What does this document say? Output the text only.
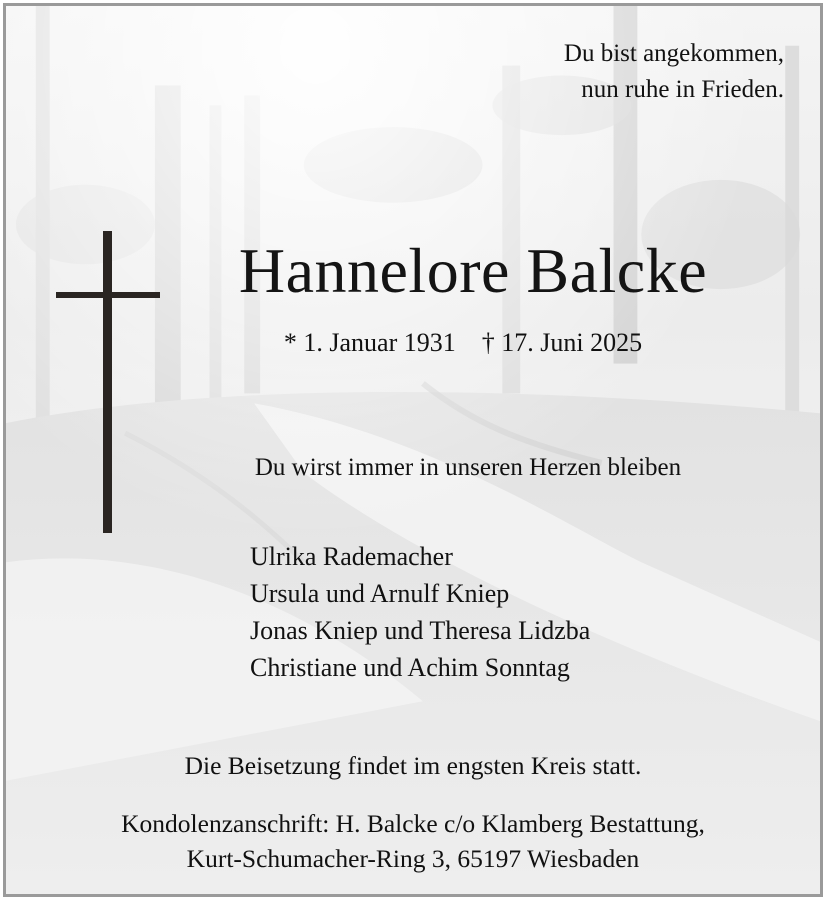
Du bist angekommen,
nun ruhe in Frieden.
Hannelore Balcke
* 1. Januar 1931 † 17. Juni 2025
Du wirst immer in unseren Herzen bleiben
Ulrika Rademacher
Ursula und Arnulf Kniep
Jonas Kniep und Theresa Lidzba
Christiane und Achim Sonntag
Die Beisetzung findet im engsten Kreis statt.
Kondolenzanschrift: H. Balcke c/o Klamberg Bestattung,
Kurt-Schumacher-Ring 3, 65197 Wiesbaden
